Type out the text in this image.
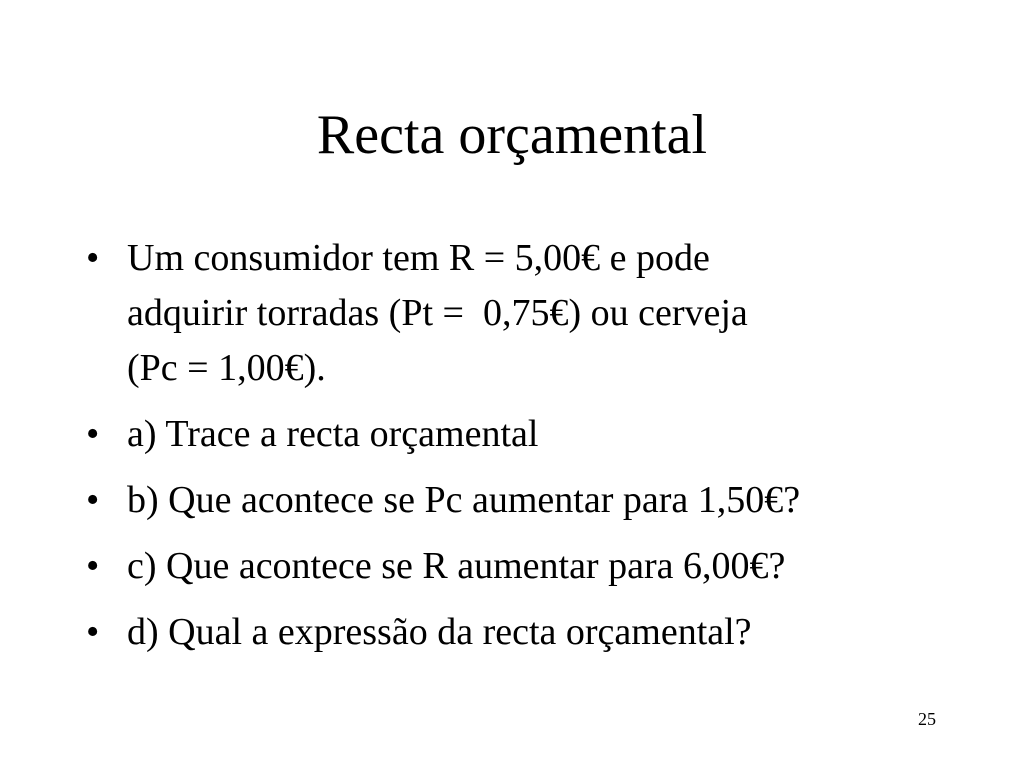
Recta orçamental
• Um consumidor tem R = 5,00€ e pode
adquirir torradas (Pt =  0,75€) ou cerveja
(Pc = 1,00€).
• a) Trace a recta orçamental
• b) Que acontece se Pc aumentar para 1,50€?
• c) Que acontece se R aumentar para 6,00€?
• d) Qual a expressão da recta orçamental?
25
